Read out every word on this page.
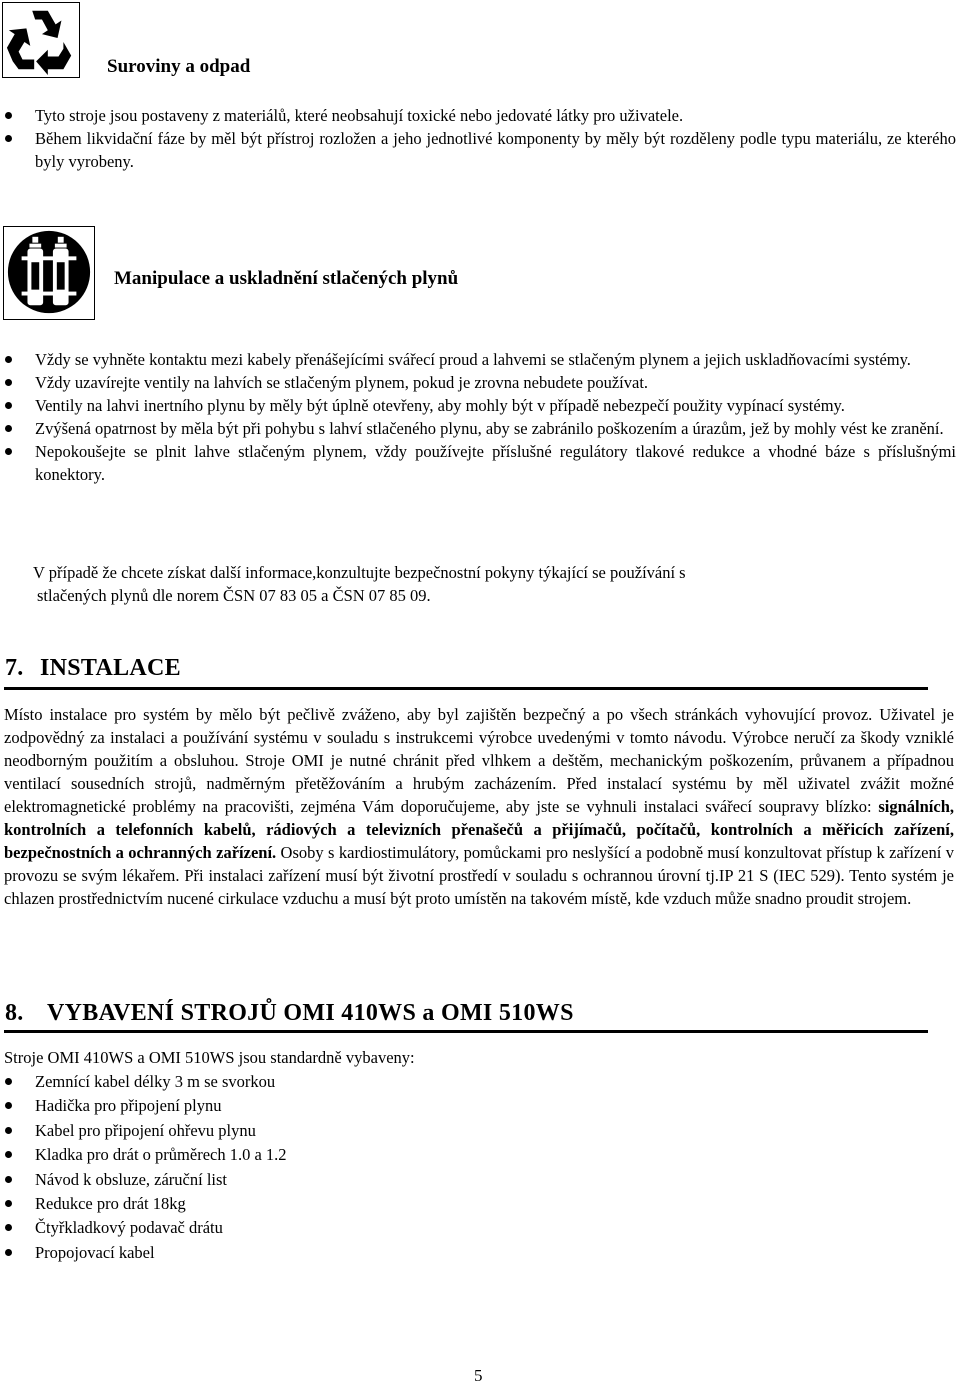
Suroviny a odpad
Tyto stroje jsou postaveny z materiálů, které neobsahují toxické nebo jedovaté látky pro uživatele.
Během likvidační fáze by měl být přístroj rozložen a jeho jednotlivé komponenty by měly být rozděleny podle typu materiálu, ze kterého byly vyrobeny.
Manipulace a uskladnění stlačených plynů
Vždy se vyhněte kontaktu mezi kabely přenášejícími svářecí proud a lahvemi se stlačeným plynem a jejich uskladňovacími systémy.
Vždy uzavírejte ventily na lahvích se stlačeným plynem, pokud je zrovna nebudete používat.
Ventily na lahvi inertního plynu by měly být úplně otevřeny, aby mohly být v případě nebezpečí použity vypínací systémy.
Zvýšená opatrnost by měla být při pohybu s lahví stlačeného plynu, aby se zabránilo poškozením a úrazům, jež by mohly vést ke zranění.
Nepokoušejte se plnit lahve stlačeným plynem, vždy používejte příslušné regulátory tlakové redukce a vhodné báze s příslušnými konektory.
V případě že chcete získat další informace,konzultujte bezpečnostní pokyny týkající se používání s
stlačených plynů dle norem ČSN 07 83 05 a ČSN 07 85 09.
7. INSTALACE
Místo instalace pro systém by mělo být pečlivě zváženo, aby byl zajištěn bezpečný a po všech stránkách vyhovující provoz. Uživatel je zodpovědný za instalaci a používání systému v souladu s instrukcemi výrobce uvedenými v tomto návodu. Výrobce neručí za škody vzniklé neodborným použitím a obsluhou. Stroje OMI je nutné chránit před vlhkem a deštěm, mechanickým poškozením, průvanem a případnou ventilací sousedních strojů, nadměrným přetěžováním a hrubým zacházením. Před instalací systému by měl uživatel zvážit možné elektromagnetické problémy na pracovišti, zejména Vám doporučujeme, aby jste se vyhnuli instalaci svářecí soupravy blízko: signálních, kontrolních a telefonních kabelů, rádiových a televizních přenašečů a přijímačů, počítačů, kontrolních a měřicích zařízení, bezpečnostních a ochranných zařízení. Osoby s kardiostimulátory, pomůckami pro neslyšící a podobně musí konzultovat přístup k zařízení v provozu se svým lékařem. Při instalaci zařízení musí být životní prostředí v souladu s ochrannou úrovní tj.IP 21 S (IEC 529). Tento systém je chlazen prostřednictvím nucené cirkulace vzduchu a musí být proto umístěn na takovém místě, kde vzduch může snadno proudit strojem.
8. VYBAVENÍ STROJŮ OMI 410WS a OMI 510WS
Stroje OMI 410WS a OMI 510WS jsou standardně vybaveny:
Zemnící kabel délky 3 m se svorkou
Hadička pro připojení plynu
Kabel pro připojení ohřevu plynu
Kladka pro drát o průměrech 1.0 a 1.2
Návod k obsluze, záruční list
Redukce pro drát 18kg
Čtyřkladkový podavač drátu
Propojovací kabel
5
